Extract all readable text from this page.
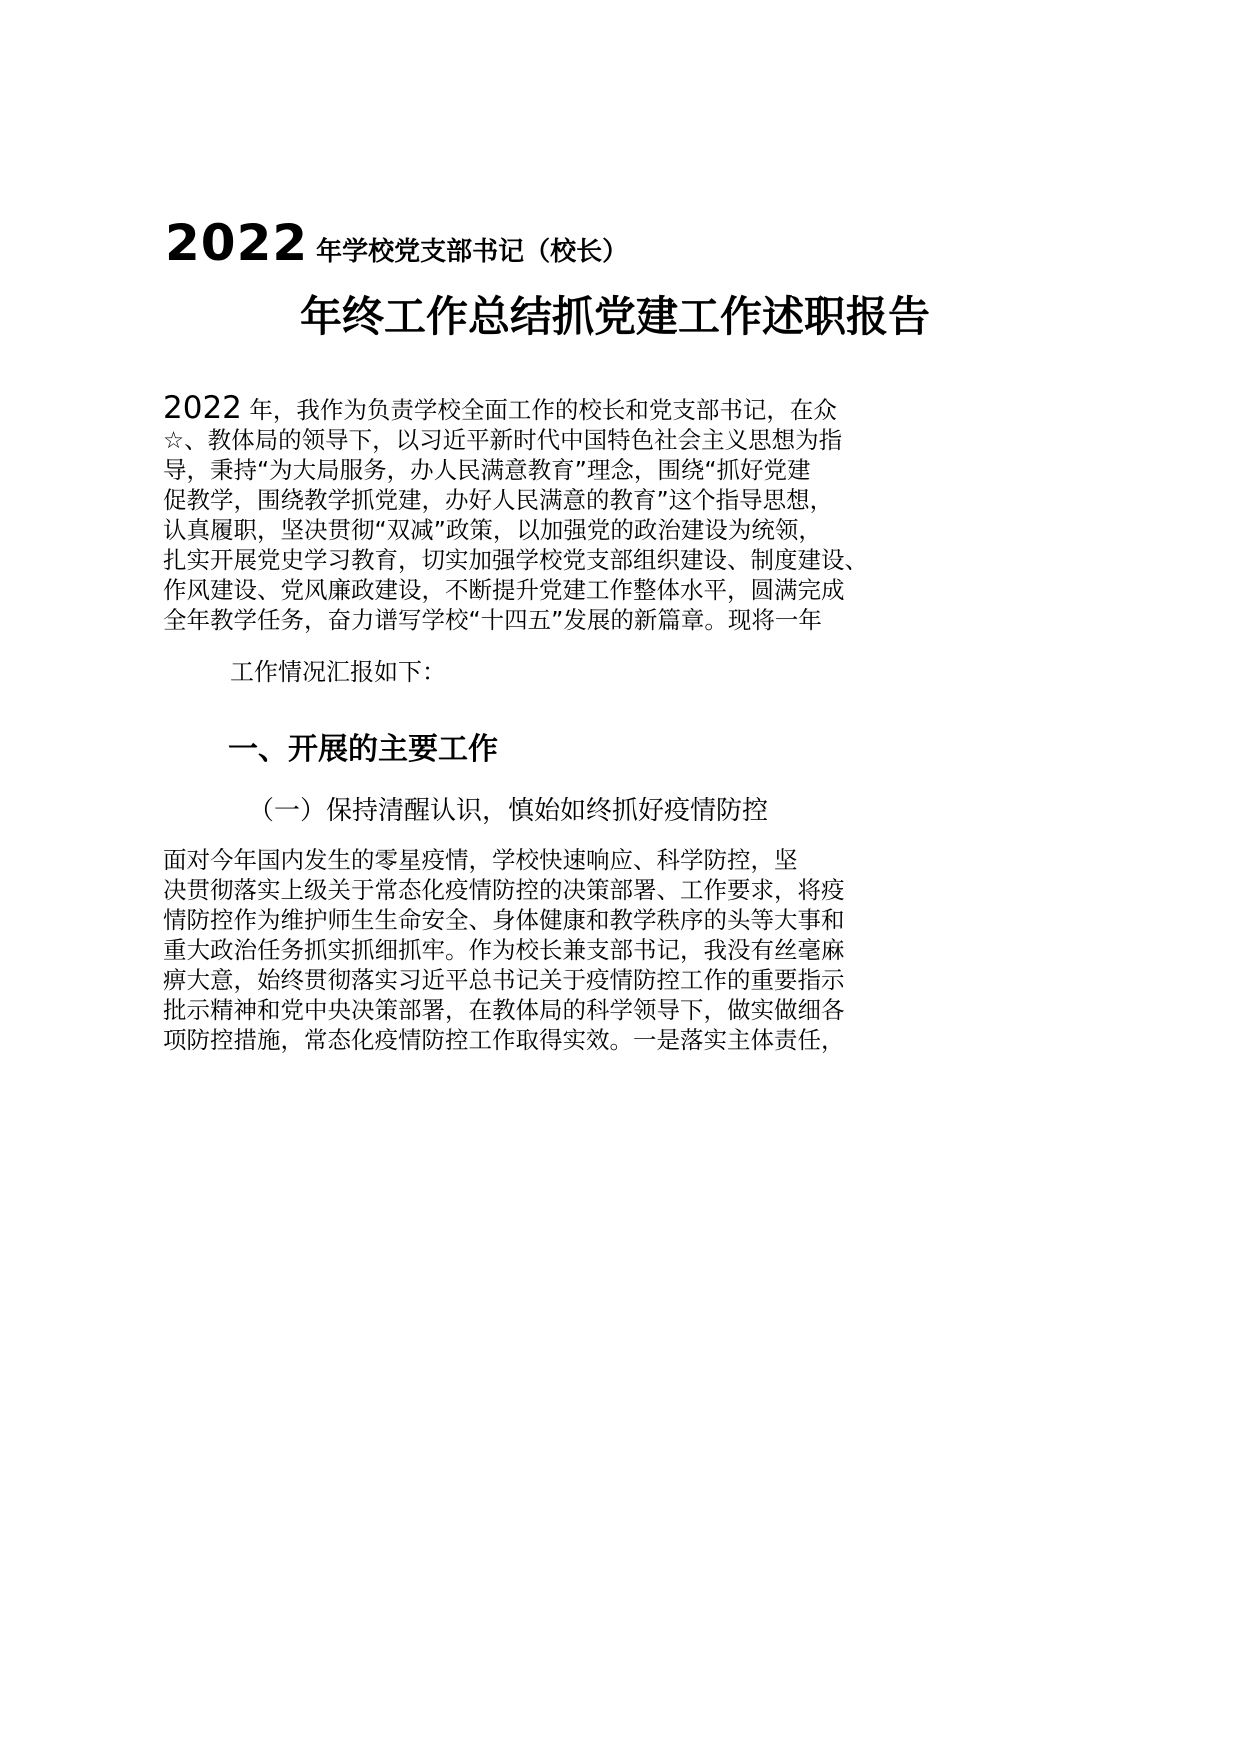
2022 年学校党支部书记（校长）
年终工作总结抓党建工作述职报告
2022 年，我作为负责学校全面工作的校长和党支部书记，在众
☆、教体局的领导下，以习近平新时代中国特色社会主义思想为指
导，秉持“为大局服务，办人民满意教育”理念，围绕“抓好党建
促教学，围绕教学抓党建，办好人民满意的教育”这个指导思想，
认真履职，坚决贯彻“双减”政策，以加强党的政治建设为统领，
扎实开展党史学习教育，切实加强学校党支部组织建设、制度建设、
作风建设、党风廉政建设，不断提升党建工作整体水平，圆满完成
全年教学任务，奋力谱写学校“十四五”发展的新篇章。现将一年
工作情况汇报如下：
一、开展的主要工作
（一）保持清醒认识，慎始如终抓好疫情防控
面对今年国内发生的零星疫情，学校快速响应、科学防控，坚
决贯彻落实上级关于常态化疫情防控的决策部署、工作要求，将疫
情防控作为维护师生生命安全、身体健康和教学秩序的头等大事和
重大政治任务抓实抓细抓牢。作为校长兼支部书记，我没有丝毫麻
痹大意，始终贯彻落实习近平总书记关于疫情防控工作的重要指示
批示精神和党中央决策部署，在教体局的科学领导下，做实做细各
项防控措施，常态化疫情防控工作取得实效。一是落实主体责任，
